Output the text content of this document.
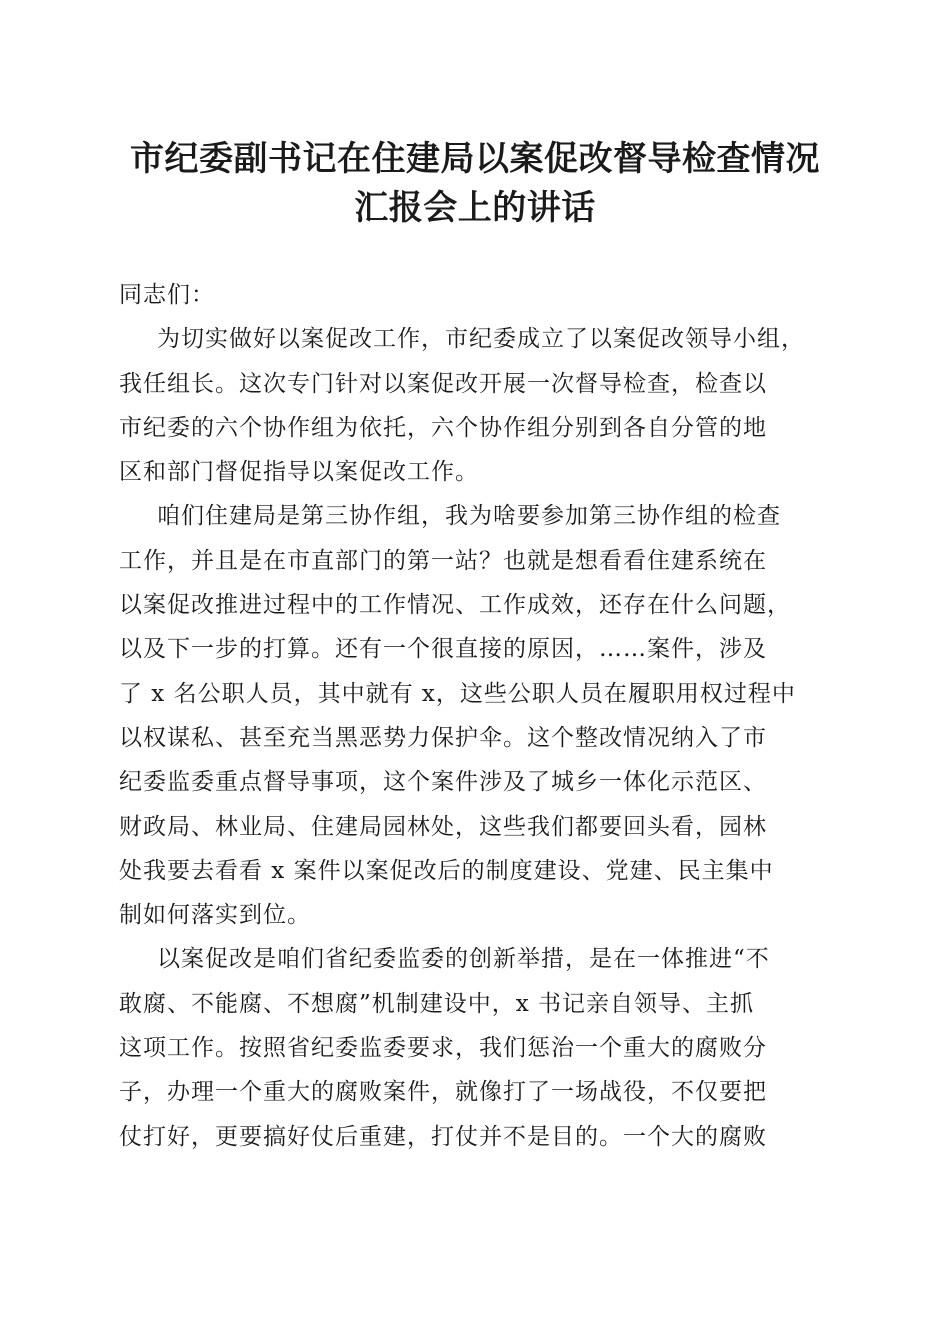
市纪委副书记在住建局以案促改督导检查情况
汇报会上的讲话

同志们：

为切实做好以案促改工作，市纪委成立了以案促改领导小组，
我任组长。这次专门针对以案促改开展一次督导检查，检查以
市纪委的六个协作组为依托，六个协作组分别到各自分管的地
区和部门督促指导以案促改工作。

咱们住建局是第三协作组，我为啥要参加第三协作组的检查
工作，并且是在市直部门的第一站？也就是想看看住建系统在
以案促改推进过程中的工作情况、工作成效，还存在什么问题，
以及下一步的打算。还有一个很直接的原因，……案件，涉及
了 x 名公职人员，其中就有 x，这些公职人员在履职用权过程中
以权谋私、甚至充当黑恶势力保护伞。这个整改情况纳入了市
纪委监委重点督导事项，这个案件涉及了城乡一体化示范区、
财政局、林业局、住建局园林处，这些我们都要回头看，园林
处我要去看看 x 案件以案促改后的制度建设、党建、民主集中
制如何落实到位。

以案促改是咱们省纪委监委的创新举措，是在一体推进“不
敢腐、不能腐、不想腐”机制建设中，x 书记亲自领导、主抓
这项工作。按照省纪委监委要求，我们惩治一个重大的腐败分
子，办理一个重大的腐败案件，就像打了一场战役，不仅要把
仗打好，更要搞好仗后重建，打仗并不是目的。一个大的腐败
